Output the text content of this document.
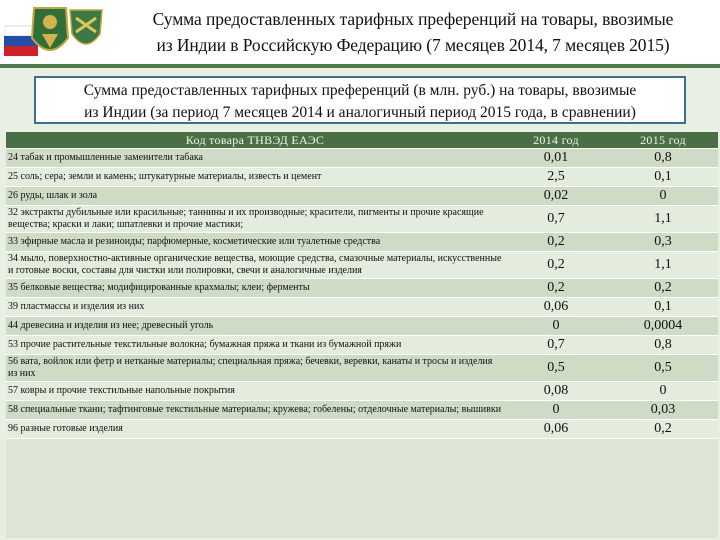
Сумма предоставленных тарифных преференций на товары, ввозимые
из Индии в Российскую Федерацию (7 месяцев 2014, 7 месяцев 2015)
Сумма предоставленных тарифных преференций (в млн. руб.) на товары, ввозимые
из Индии (за период 7 месяцев 2014 и аналогичный период 2015 года, в сравнении)
Код товара ТНВЭД ЕАЭС	2014 год	2015 год
24 табак и промышленные заменители табака	0,01	0,8
25 соль; сера; земли и камень; штукатурные материалы, известь и цемент	2,5	0,1
26 руды, шлак и зола	0,02	0
32 экстракты дубильные или красильные; таннины и их производные; красители, пигменты и прочие красящие вещества; краски и лаки; шпатлевки и прочие мастики;	0,7	1,1
33 эфирные масла и резиноиды; парфюмерные, косметические или туалетные средства	0,2	0,3
34 мыло, поверхностно-активные органические вещества, моющие средства, смазочные материалы, искусственные и готовые воски, составы для чистки или полировки, свечи и аналогичные изделия	0,2	1,1
35 белковые вещества; модифицированные крахмалы; клеи; ферменты	0,2	0,2
39 пластмассы и изделия из них	0,06	0,1
44 древесина и изделия из нее; древесный уголь	0	0,0004
53 прочие растительные текстильные волокна; бумажная пряжа и ткани из бумажной пряжи	0,7	0,8
56 вата, войлок или фетр и нетканые материалы; специальная пряжа; бечевки, веревки, канаты и тросы и изделия из них	0,5	0,5
57 ковры и прочие текстильные напольные покрытия	0,08	0
58 специальные ткани; тафтинговые текстильные материалы; кружева; гобелены; отделочные материалы; вышивки	0	0,03
96 разные готовые изделия	0,06	0,2
